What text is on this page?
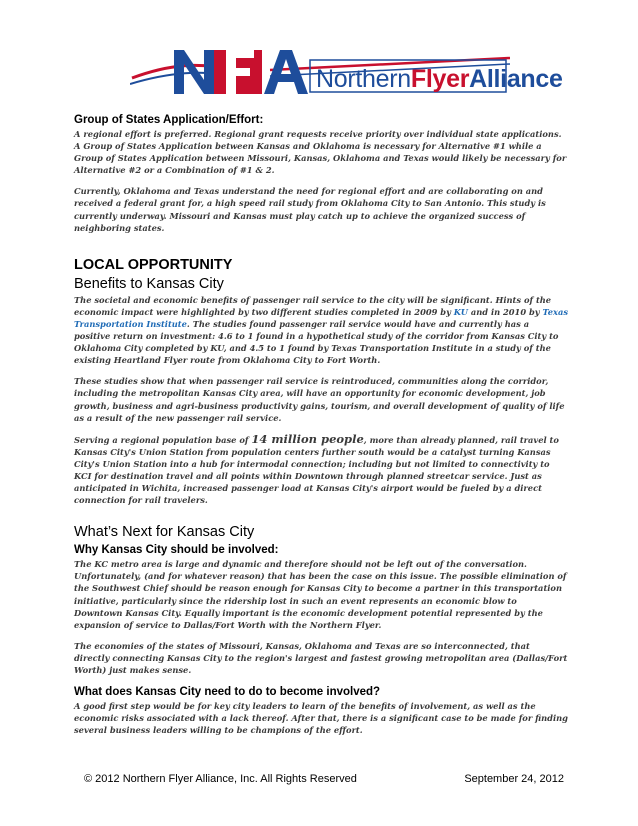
NorthernFlyerAlliance
Group of States Application/Effort:

A regional effort is preferred. Regional grant requests receive priority over individual state applications. A Group of States Application between Kansas and Oklahoma is necessary for Alternative #1 while a Group of States Application between Missouri, Kansas, Oklahoma and Texas would likely be necessary for Alternative #2 or a Combination of #1 & 2.

Currently, Oklahoma and Texas understand the need for regional effort and are collaborating on and received a federal grant for, a high speed rail study from Oklahoma City to San Antonio. This study is currently underway. Missouri and Kansas must play catch up to achieve the organized success of neighboring states.

LOCAL OPPORTUNITY
Benefits to Kansas City

The societal and economic benefits of passenger rail service to the city will be significant. Hints of the economic impact were highlighted by two different studies completed in 2009 by KU and in 2010 by Texas Transportation Institute. The studies found passenger rail service would have and currently has a positive return on investment: 4.6 to 1 found in a hypothetical study of the corridor from Kansas City to Oklahoma City completed by KU, and 4.5 to 1 found by Texas Transportation Institute in a study of the existing Heartland Flyer route from Oklahoma City to Fort Worth.

These studies show that when passenger rail service is reintroduced, communities along the corridor, including the metropolitan Kansas City area, will have an opportunity for economic development, job growth, business and agri-business productivity gains, tourism, and overall development of quality of life as a result of the new passenger rail service.

Serving a regional population base of 14 million people, more than already planned, rail travel to Kansas City's Union Station from population centers further south would be a catalyst turning Kansas City's Union Station into a hub for intermodal connection; including but not limited to connectivity to KCI for destination travel and all points within Downtown through planned streetcar service. Just as anticipated in Wichita, increased passenger load at Kansas City's airport would be fueled by a direct connection for rail travelers.

What’s Next for Kansas City
Why Kansas City should be involved:

The KC metro area is large and dynamic and therefore should not be left out of the conversation. Unfortunately, (and for whatever reason) that has been the case on this issue. The possible elimination of the Southwest Chief should be reason enough for Kansas City to become a partner in this transportation initiative, particularly since the ridership lost in such an event represents an economic blow to Downtown Kansas City. Equally important is the economic development potential represented by the expansion of service to Dallas/Fort Worth with the Northern Flyer.

The economies of the states of Missouri, Kansas, Oklahoma and Texas are so interconnected, that directly connecting Kansas City to the region's largest and fastest growing metropolitan area (Dallas/Fort Worth) just makes sense.

What does Kansas City need to do to become involved?

A good first step would be for key city leaders to learn of the benefits of involvement, as well as the economic risks associated with a lack thereof. After that, there is a significant case to be made for finding several business leaders willing to be champions of the effort.

© 2012 Northern Flyer Alliance, Inc. All Rights Reserved	September 24, 2012
